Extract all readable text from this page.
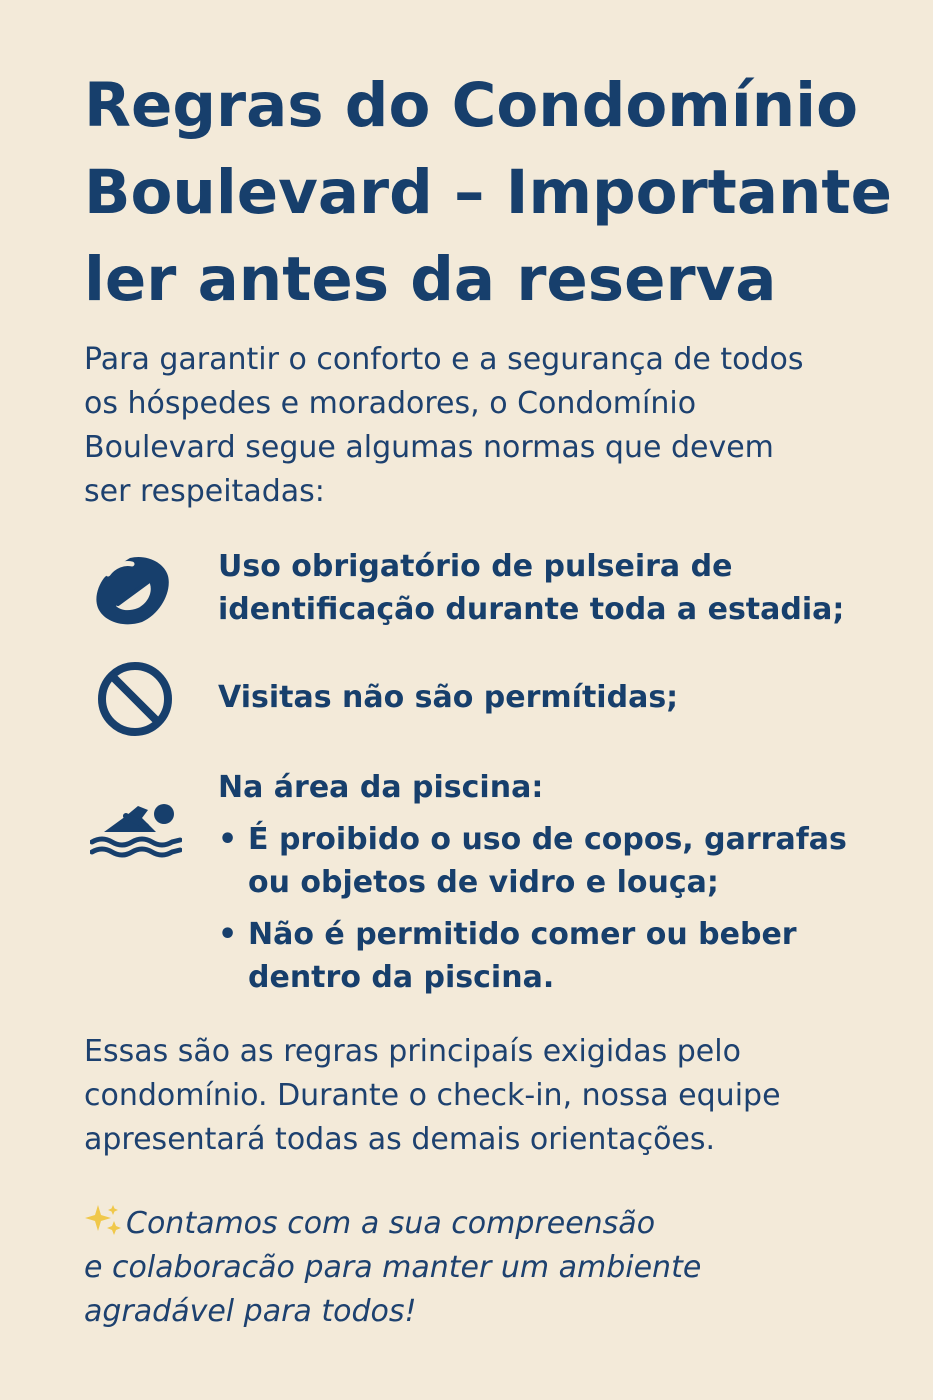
Regras do Condomínio
Boulevard – Importante
ler antes da reserva

Para garantir o conforto e a segurança de todos
os hóspedes e moradores, o Condomínio
Boulevard segue algumas normas que devem
ser respeitadas:

Uso obrigatório de pulseira de
identificação durante toda a estadia;
Visitas não são permítidas;
Na área da piscina:
• É proibido o uso de copos, garrafas
ou objetos de vidro e louça;
• Não é permitido comer ou beber
dentro da piscina.

Essas são as regras principaís exigidas pelo
condomínio. Durante o check-in, nossa equipe
apresentará todas as demais orientações.

Contamos com a sua compreensão
e colaboracão para manter um ambiente
agradável para todos!
